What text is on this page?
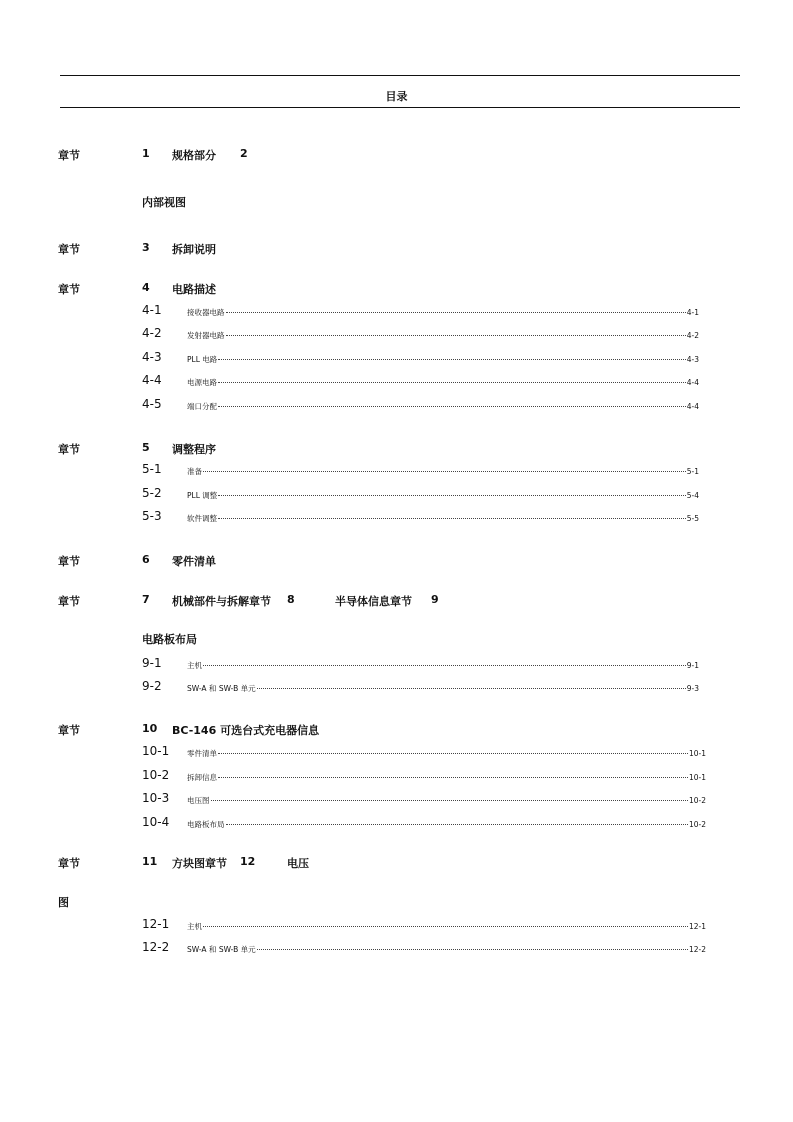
目录
章节	1 规格部分 2
内部视图
章节	3 拆卸说明
章节	4 电路描述
4-1	接收器电路	4-1
4-2	发射器电路	4-2
4-3	PLL 电路	4-3
4-4	电源电路	4-4
4-5	端口分配	4-4
章节	5 调整程序
5-1	准备	5-1
5-2	PLL 调整	5-4
5-3	软件调整	5-5
章节	6 零件清单
章节	7 机械部件与拆解章节 8	半导体信息章节 9
电路板布局
9-1	主机	9-1
9-2	SW-A 和 SW-B 单元	9-3
章节	10 BC-146 可选台式充电器信息
10-1 零件清单	10-1
10-2 拆卸信息	10-1
10-3 电压图	10-2
10-4 电路板布局	10-2
章节	11 方块图章节 12	电压
图
12-1 主机	12-1
12-2 SW-A 和 SW-B 单元	12-2
